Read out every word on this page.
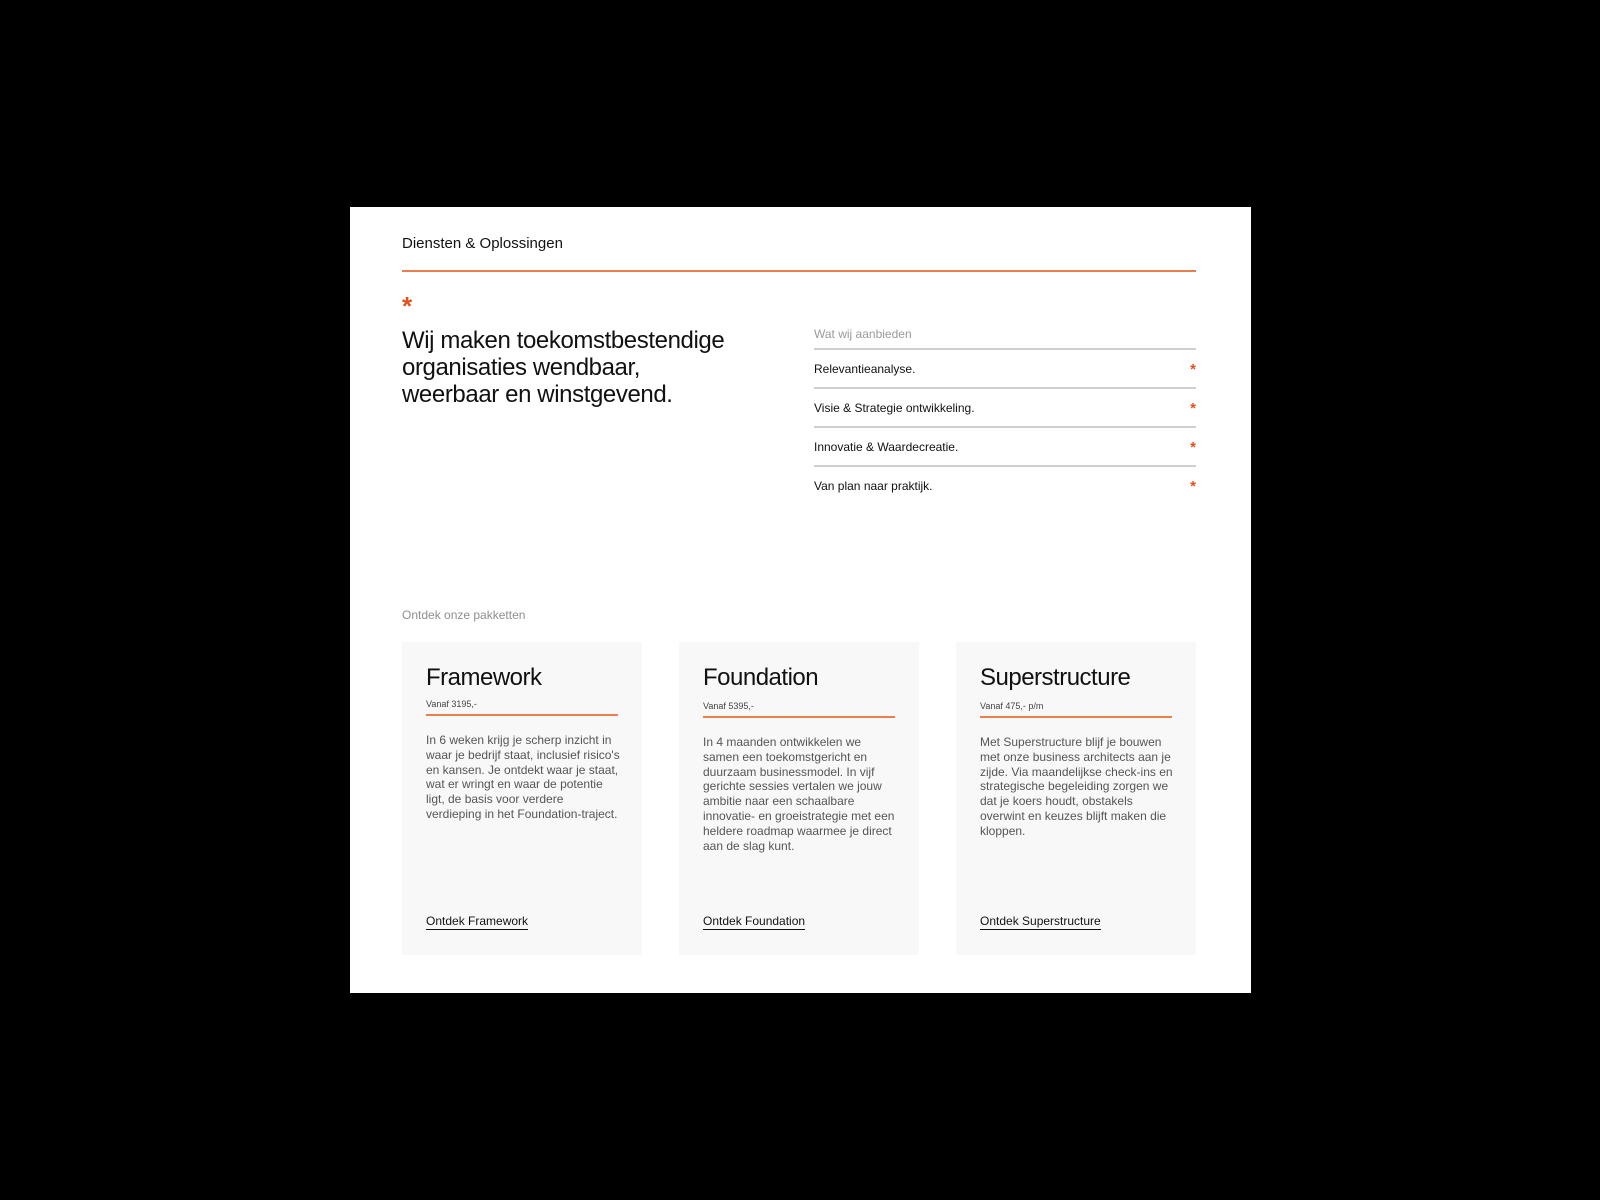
Diensten & Oplossingen
*
Wij maken toekomstbestendige organisaties wendbaar, weerbaar en winstgevend.
Wat wij aanbieden
Relevantieanalyse.	*
Visie & Strategie ontwikkeling.	*
Innovatie & Waardecreatie.	*
Van plan naar praktijk.	*
Ontdek onze pakketten
Framework
Vanaf 3195,-

In 6 weken krijg je scherp inzicht in waar je bedrijf staat, inclusief risico's en kansen. Je ontdekt waar je staat, wat er wringt en waar de potentie ligt, de basis voor verdere verdieping in het Foundation-traject.

Ontdek Framework
Foundation
Vanaf 5395,-

In 4 maanden ontwikkelen we samen een toekomstgericht en duurzaam businessmodel. In vijf gerichte sessies vertalen we jouw ambitie naar een schaalbare innovatie- en groeistrategie met een heldere roadmap waarmee je direct aan de slag kunt.

Ontdek Foundation
Superstructure
Vanaf 475,- p/m

Met Superstructure blijf je bouwen met onze business architects aan je zijde. Via maandelijkse check-ins en strategische begeleiding zorgen we dat je koers houdt, obstakels overwint en keuzes blijft maken die kloppen.

Ontdek Superstructure
